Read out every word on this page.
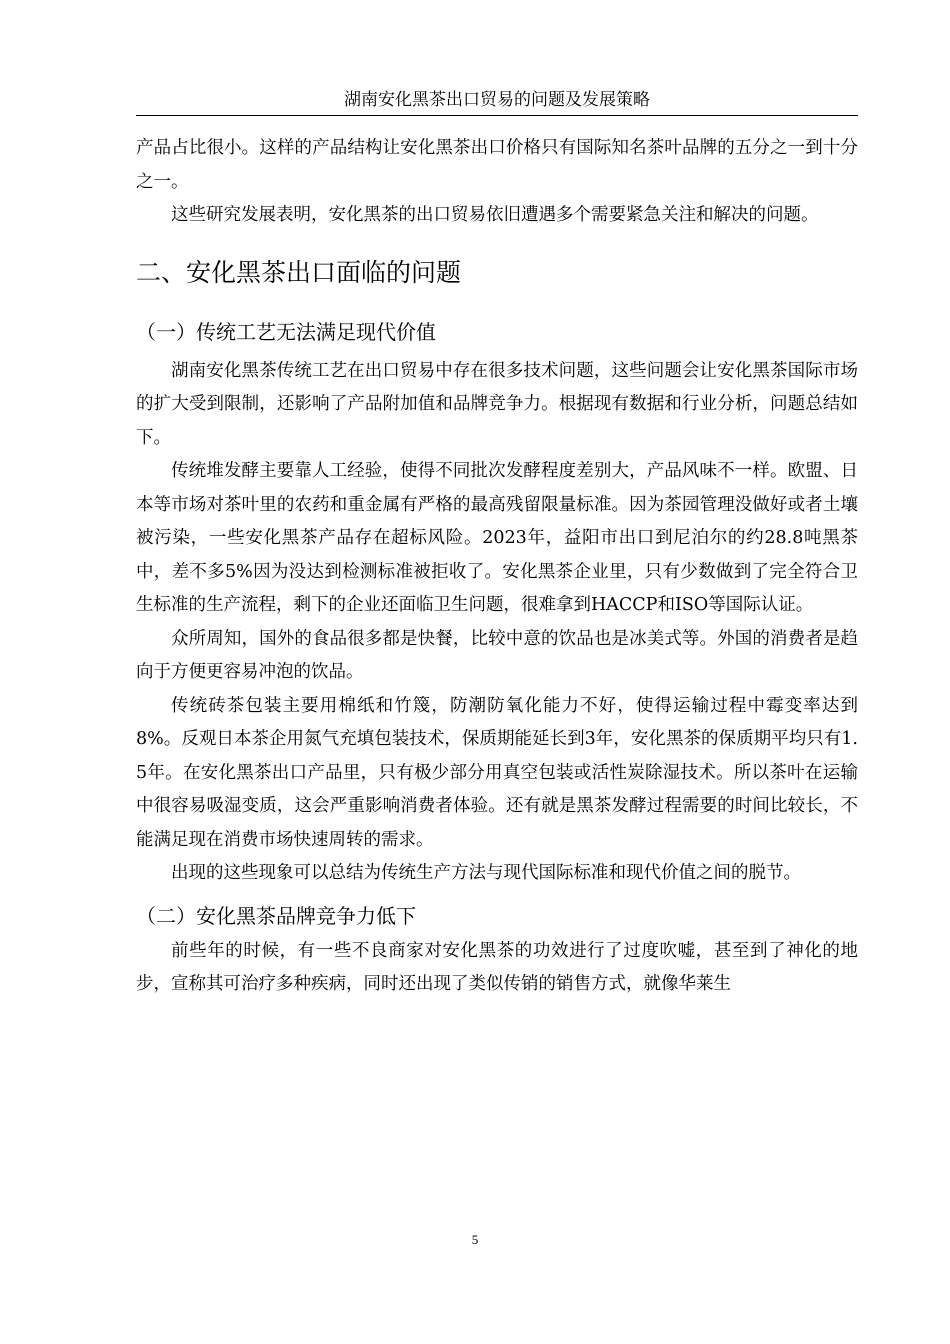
湖南安化黑茶出口贸易的问题及发展策略

产品占比很小。这样的产品结构让安化黑茶出口价格只有国际知名茶叶品牌的五分之一到十分之一。

这些研究发展表明，安化黑茶的出口贸易依旧遭遇多个需要紧急关注和解决的问题。

二、安化黑茶出口面临的问题
（一）传统工艺无法满足现代价值

湖南安化黑茶传统工艺在出口贸易中存在很多技术问题，这些问题会让安化黑茶国际市场的扩大受到限制，还影响了产品附加值和品牌竞争力。根据现有数据和行业分析，问题总结如下。

传统堆发酵主要靠人工经验，使得不同批次发酵程度差别大，产品风味不一样。欧盟、日本等市场对茶叶里的农药和重金属有严格的最高残留限量标准。因为茶园管理没做好或者土壤被污染，一些安化黑茶产品存在超标风险。2023年，益阳市出口到尼泊尔的约28.8吨黑茶中，差不多5%因为没达到检测标准被拒收了。安化黑茶企业里，只有少数做到了完全符合卫生标准的生产流程，剩下的企业还面临卫生问题，很难拿到HACCP和ISO等国际认证。

众所周知，国外的食品很多都是快餐，比较中意的饮品也是冰美式等。外国的消费者是趋向于方便更容易冲泡的饮品。

传统砖茶包装主要用棉纸和竹篾，防潮防氧化能力不好，使得运输过程中霉变率达到8%。反观日本茶企用氮气充填包装技术，保质期能延长到3年，安化黑茶的保质期平均只有1.5年。在安化黑茶出口产品里，只有极少部分用真空包装或活性炭除湿技术。所以茶叶在运输中很容易吸湿变质，这会严重影响消费者体验。还有就是黑茶发酵过程需要的时间比较长，不能满足现在消费市场快速周转的需求。

出现的这些现象可以总结为传统生产方法与现代国际标准和现代价值之间的脱节。

（二）安化黑茶品牌竞争力低下

前些年的时候，有一些不良商家对安化黑茶的功效进行了过度吹嘘，甚至到了神化的地步，宣称其可治疗多种疾病，同时还出现了类似传销的销售方式，就像华莱生

5
